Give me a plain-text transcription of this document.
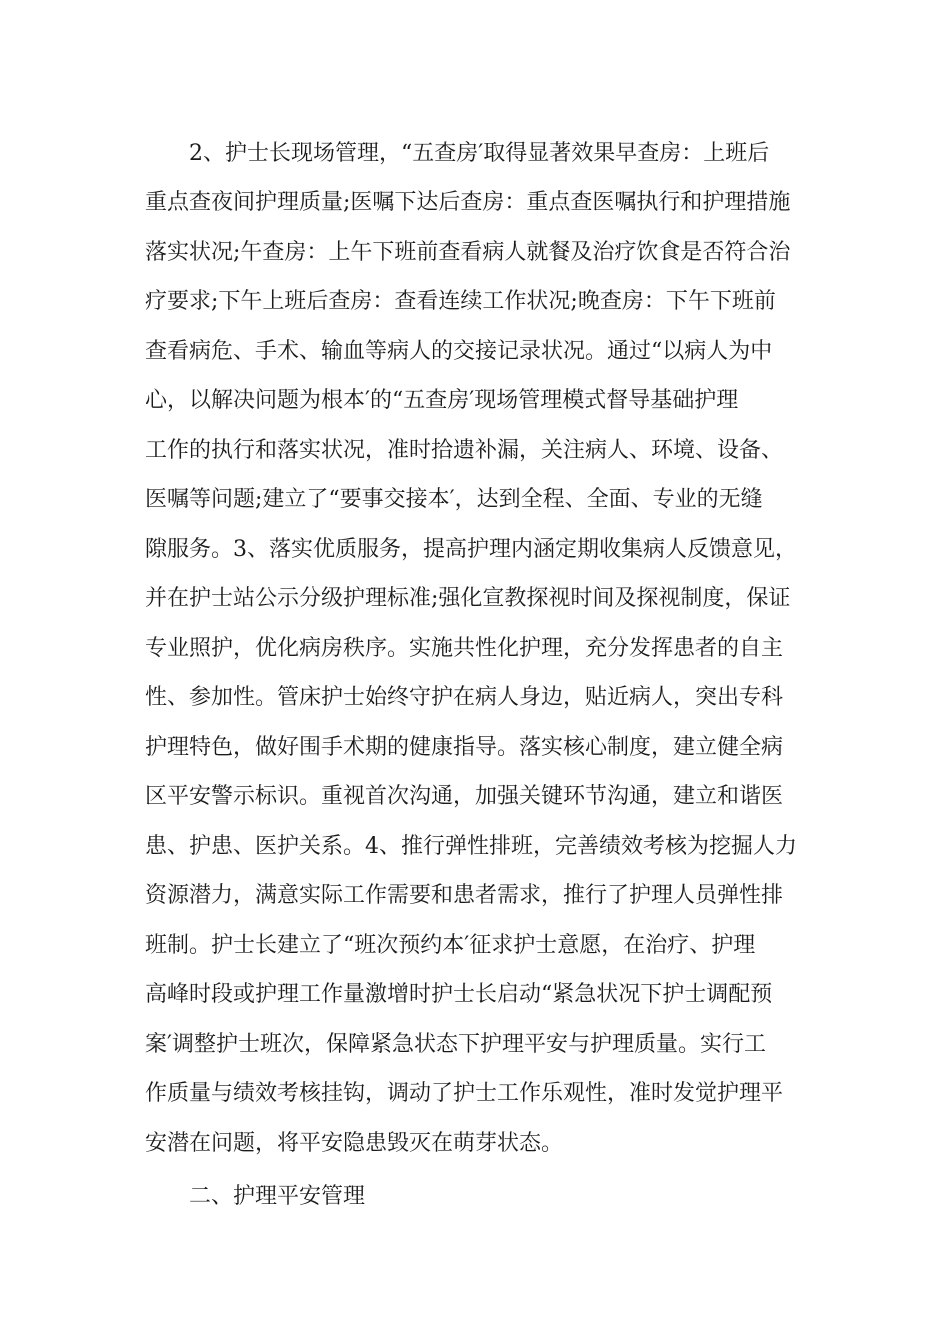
2、护士长现场管理，“五查房′取得显著效果早查房：上班后
重点查夜间护理质量;医嘱下达后查房：重点查医嘱执行和护理措施
落实状况;午查房：上午下班前查看病人就餐及治疗饮食是否符合治
疗要求;下午上班后查房：查看连续工作状况;晚查房：下午下班前
查看病危、手术、输血等病人的交接记录状况。通过“以病人为中
心，以解决问题为根本′的“五查房′现场管理模式督导基础护理
工作的执行和落实状况，准时拾遗补漏，关注病人、环境、设备、
医嘱等问题;建立了“要事交接本′，达到全程、全面、专业的无缝
隙服务。3、落实优质服务，提高护理内涵定期收集病人反馈意见，
并在护士站公示分级护理标准;强化宣教探视时间及探视制度，保证
专业照护，优化病房秩序。实施共性化护理，充分发挥患者的自主
性、参加性。管床护士始终守护在病人身边，贴近病人，突出专科
护理特色，做好围手术期的健康指导。落实核心制度，建立健全病
区平安警示标识。重视首次沟通，加强关键环节沟通，建立和谐医
患、护患、医护关系。4、推行弹性排班，完善绩效考核为挖掘人力
资源潜力，满意实际工作需要和患者需求，推行了护理人员弹性排
班制。护士长建立了“班次预约本′征求护士意愿，在治疗、护理
高峰时段或护理工作量激增时护士长启动“紧急状况下护士调配预
案′调整护士班次，保障紧急状态下护理平安与护理质量。实行工
作质量与绩效考核挂钩，调动了护士工作乐观性，准时发觉护理平
安潜在问题，将平安隐患毁灭在萌芽状态。
二、护理平安管理
